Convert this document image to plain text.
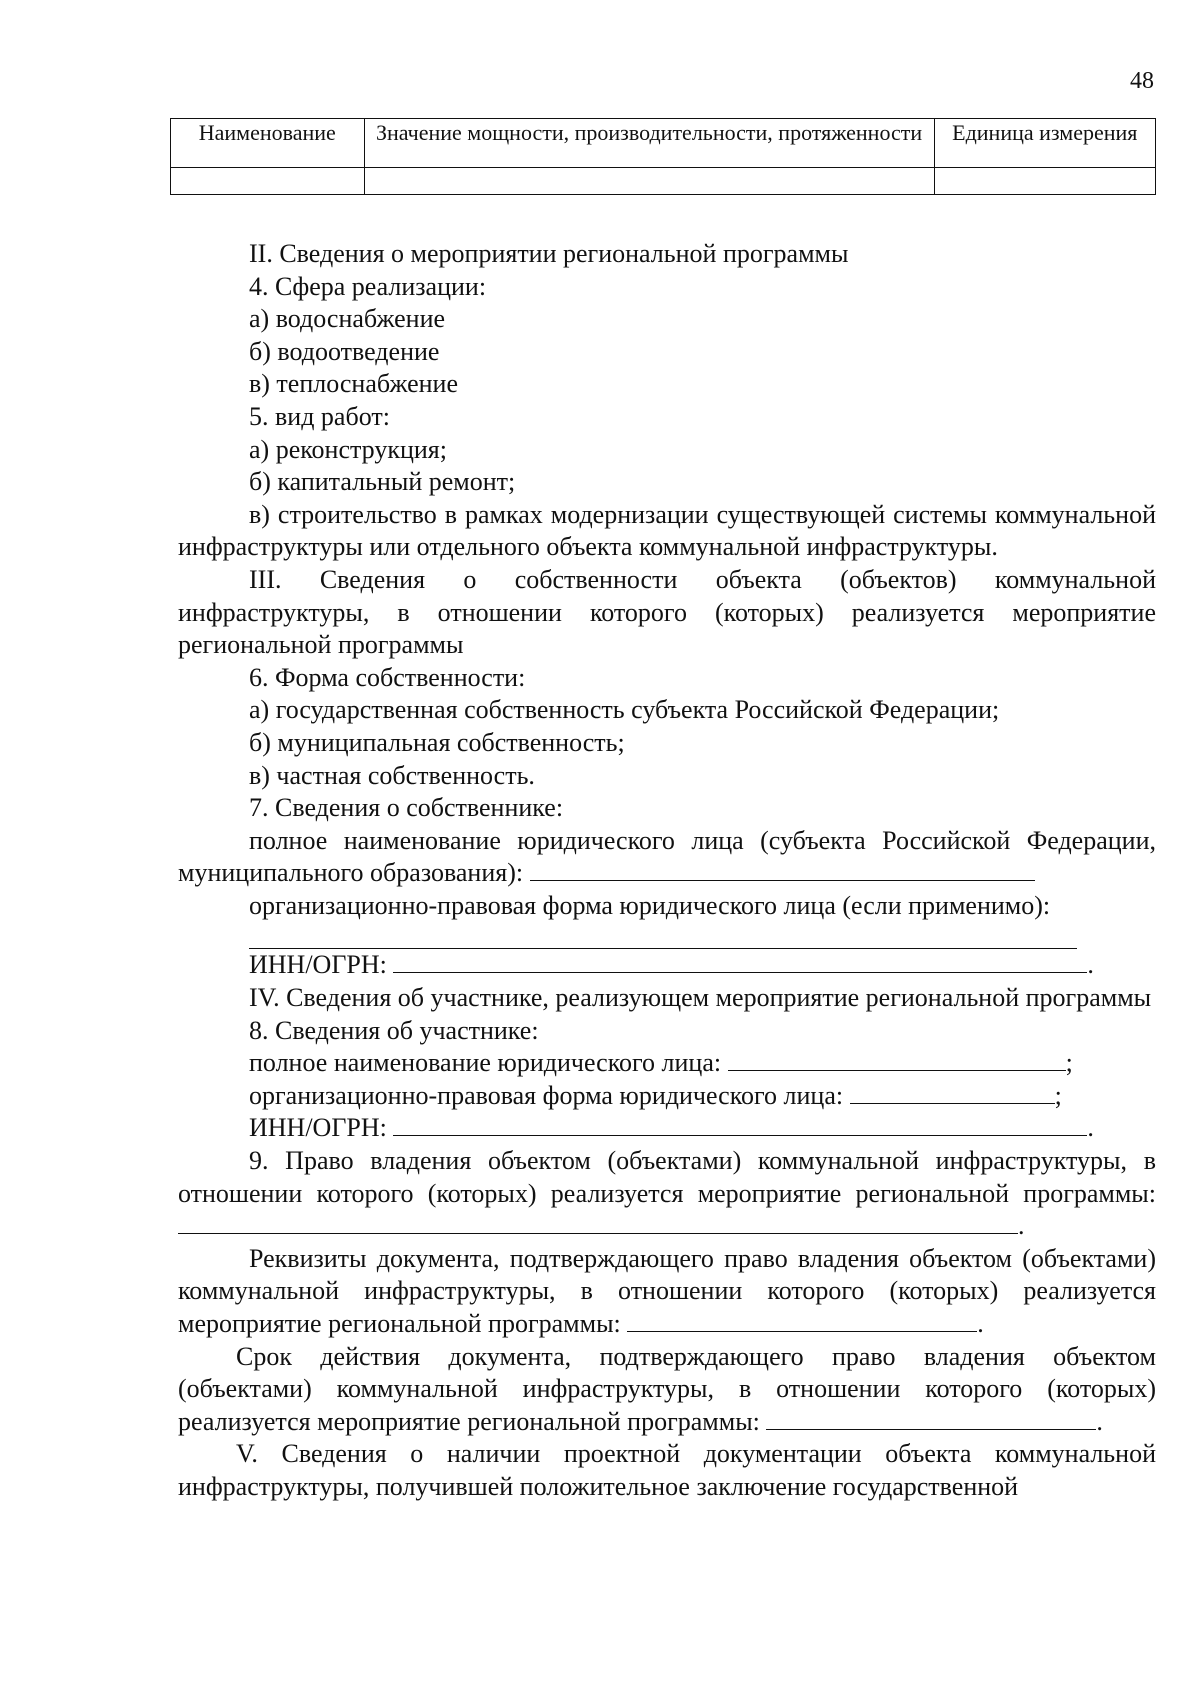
48
Наименование	Значение мощности, производительности, протяженности	Единица измерения

II. Сведения о мероприятии региональной программы

4. Сфера реализации:

а) водоснабжение

б) водоотведение

в) теплоснабжение

5. вид работ:

а) реконструкция;

б) капитальный ремонт;

в) строительство в рамках модернизации существующей системы коммунальной инфраструктуры или отдельного объекта коммунальной инфраструктуры.

III. Сведения о собственности объекта (объектов) коммунальной инфраструктуры, в отношении которого (которых) реализуется мероприятие региональной программы

6. Форма собственности:

а) государственная собственность субъекта Российской Федерации;

б) муниципальная собственность;

в) частная собственность.

7. Сведения о собственнике:

полное наименование юридического лица (субъекта Российской Федерации, муниципального образования):

организационно-правовая форма юридического лица (если применимо):

ИНН/ОГРН:	.

IV. Сведения об участнике, реализующем мероприятие региональной программы

8. Сведения об участнике:

полное наименование юридического лица:	;

организационно-правовая форма юридического лица:	;

ИНН/ОГРН:	.

9. Право владения объектом (объектами) коммунальной инфраструктуры, в отношении которого (которых) реализуется мероприятие региональной программы: .

Реквизиты документа, подтверждающего право владения объектом (объектами) коммунальной инфраструктуры, в отношении которого (которых) реализуется мероприятие региональной программы:	.

Срок действия документа, подтверждающего право владения объектом (объектами) коммунальной инфраструктуры, в отношении которого (которых) реализуется мероприятие региональной программы:	.

V. Сведения о наличии проектной документации объекта коммунальной инфраструктуры, получившей положительное заключение государственной
